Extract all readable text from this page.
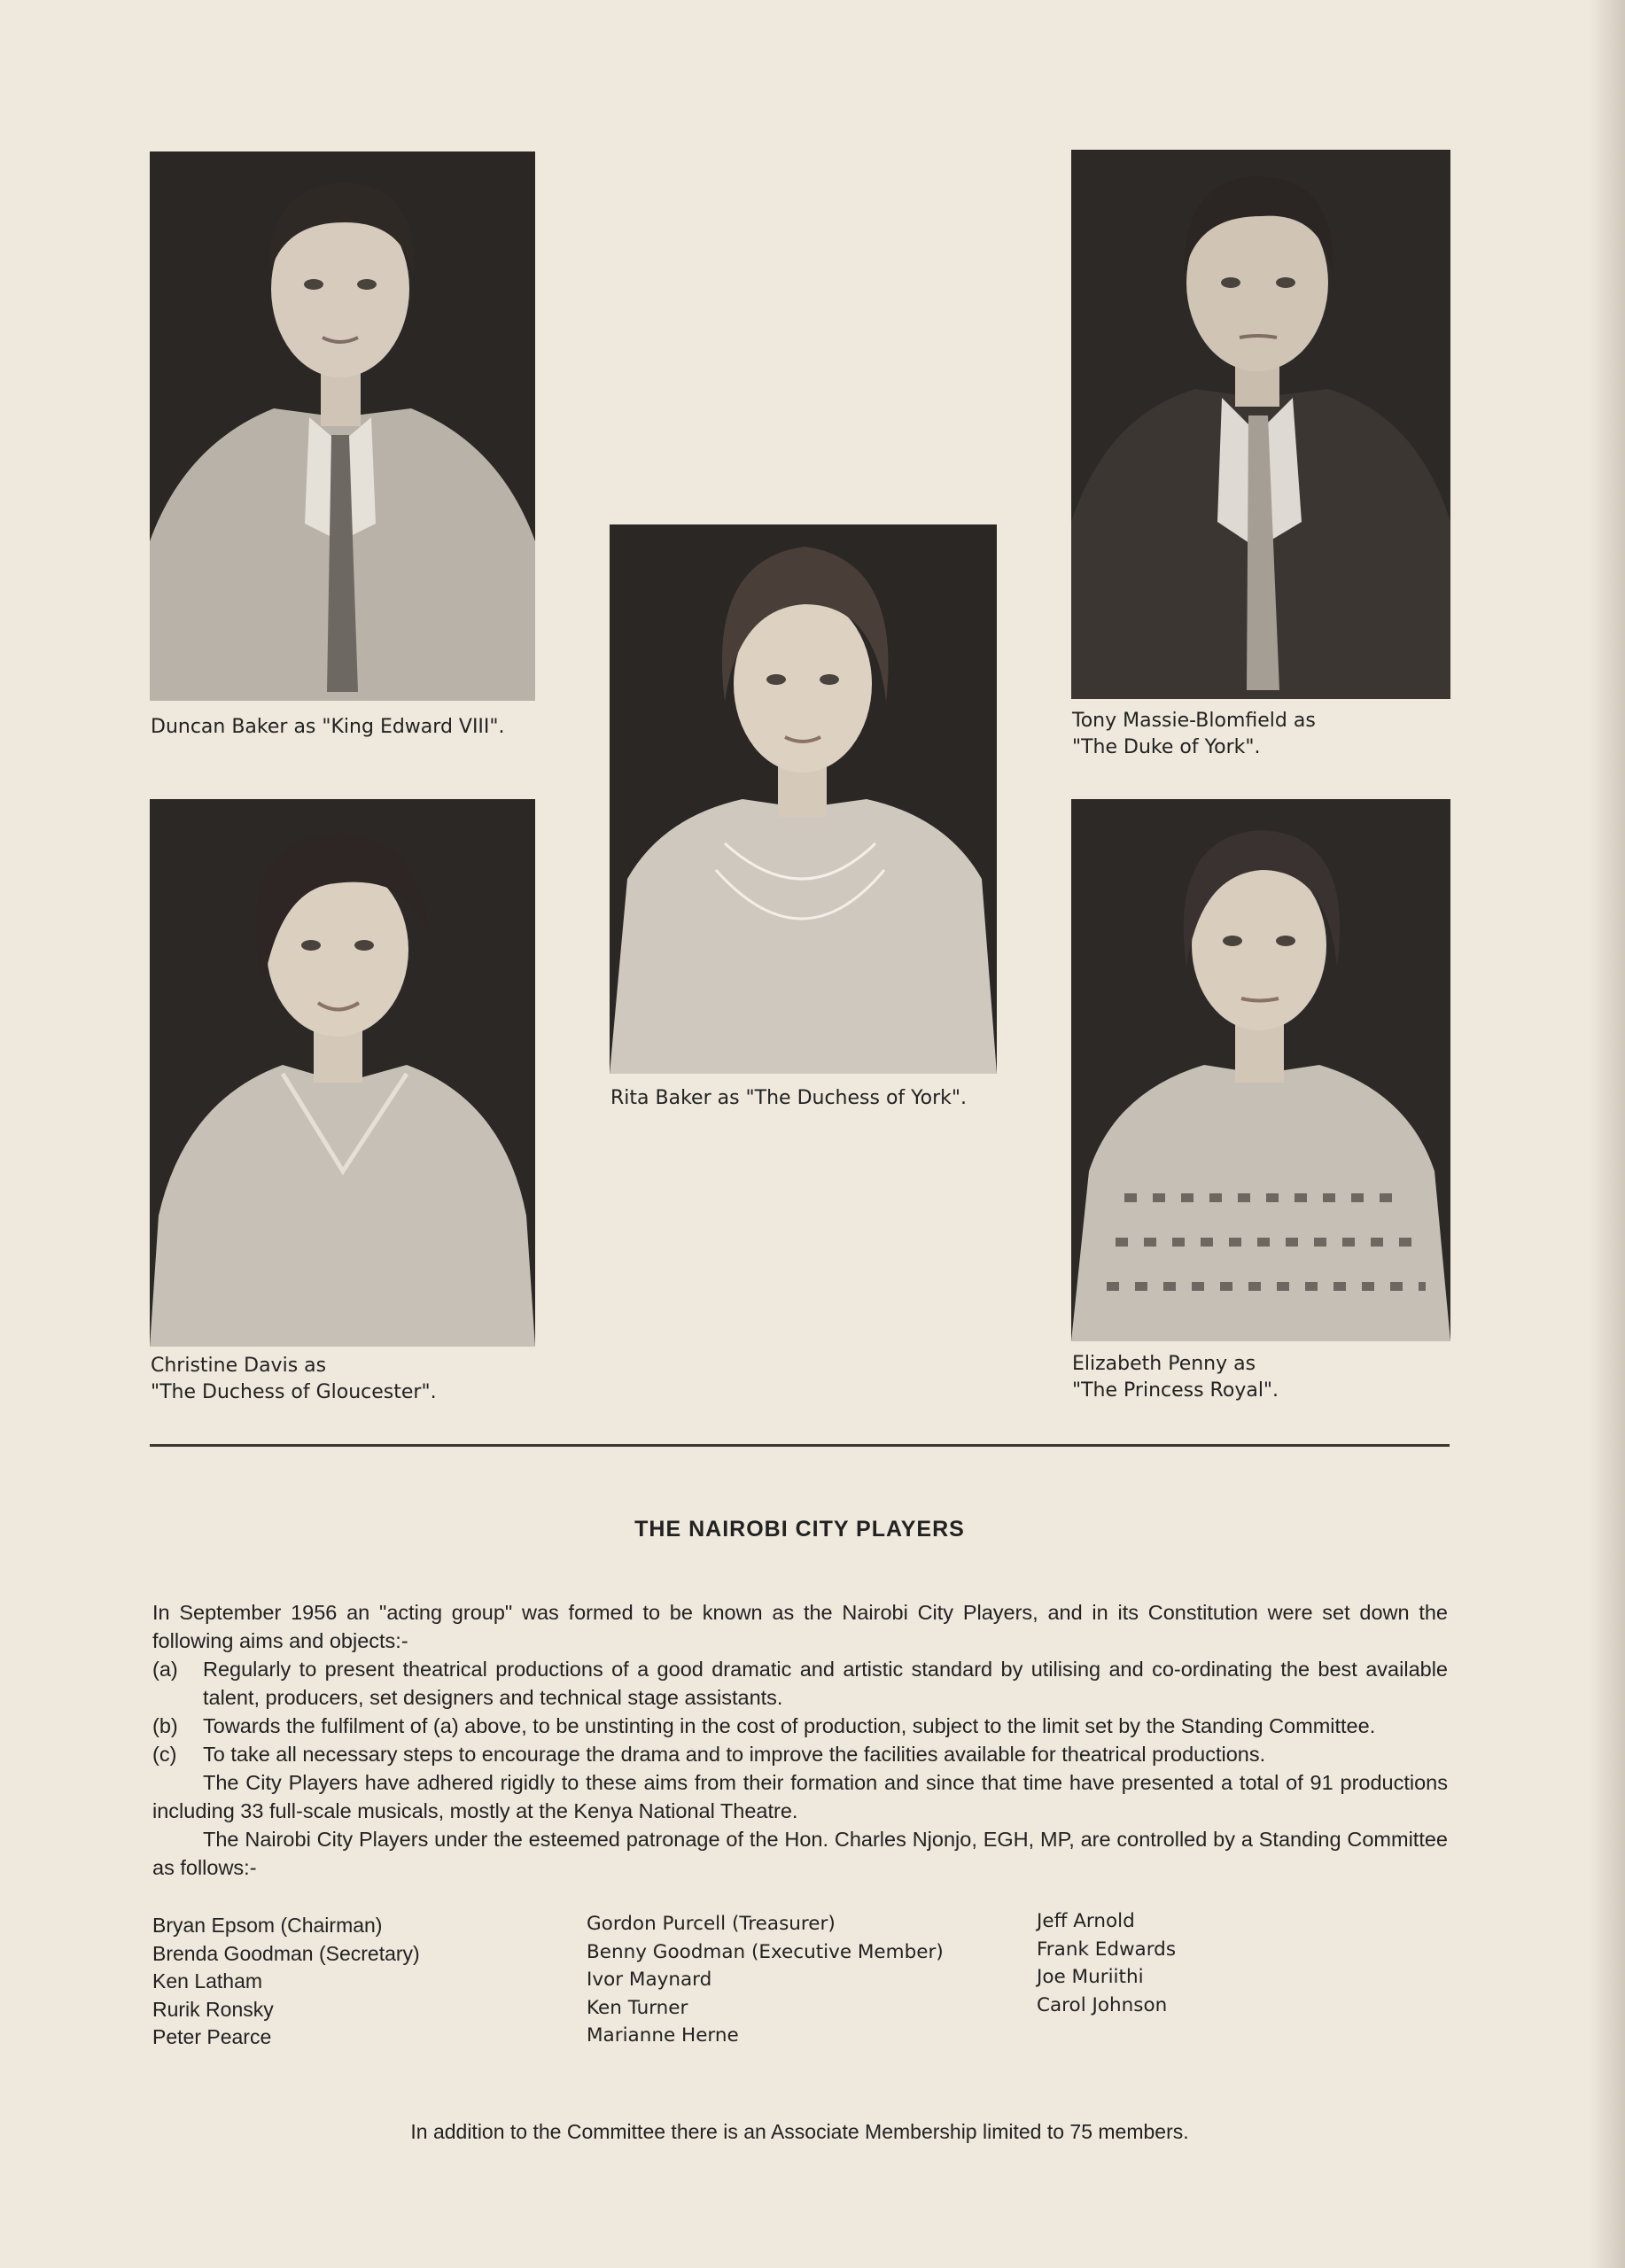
Duncan Baker as "King Edward VIII".	Tony Massie-Blomfield as
"The Duke of York".
Rita Baker as "The Duchess of York".
Christine Davis as
"The Duchess of Gloucester".
Elizabeth Penny as
"The Princess Royal".
THE NAIROBI CITY PLAYERS

In September 1956 an "acting group" was formed to be known as the Nairobi City Players, and in its Constitution were set down the following aims and objects:-

(a)	Regularly to present theatrical productions of a good dramatic and artistic standard by utilising and co-ordinating the best available talent, producers, set designers and technical stage assistants.
(b)	Towards the fulfilment of (a) above, to be unstinting in the cost of production, subject to the limit set by the Standing Committee.
(c)	To take all necessary steps to encourage the drama and to improve the facilities available for theatrical productions.

The City Players have adhered rigidly to these aims from their formation and since that time have presented a total of 91 productions including 33 full-scale musicals, mostly at the Kenya National Theatre.

The Nairobi City Players under the esteemed patronage of the Hon. Charles Njonjo, EGH, MP, are controlled by a Standing Committee as follows:-

Bryan Epsom (Chairman)
Brenda Goodman (Secretary)
Ken Latham
Rurik Ronsky
Peter Pearce
Gordon Purcell (Treasurer)
Benny Goodman (Executive Member)
Ivor Maynard
Ken Turner
Marianne Herne
Jeff Arnold
Frank Edwards
Joe Muriithi
Carol Johnson
In addition to the Committee there is an Associate Membership limited to 75 members.
